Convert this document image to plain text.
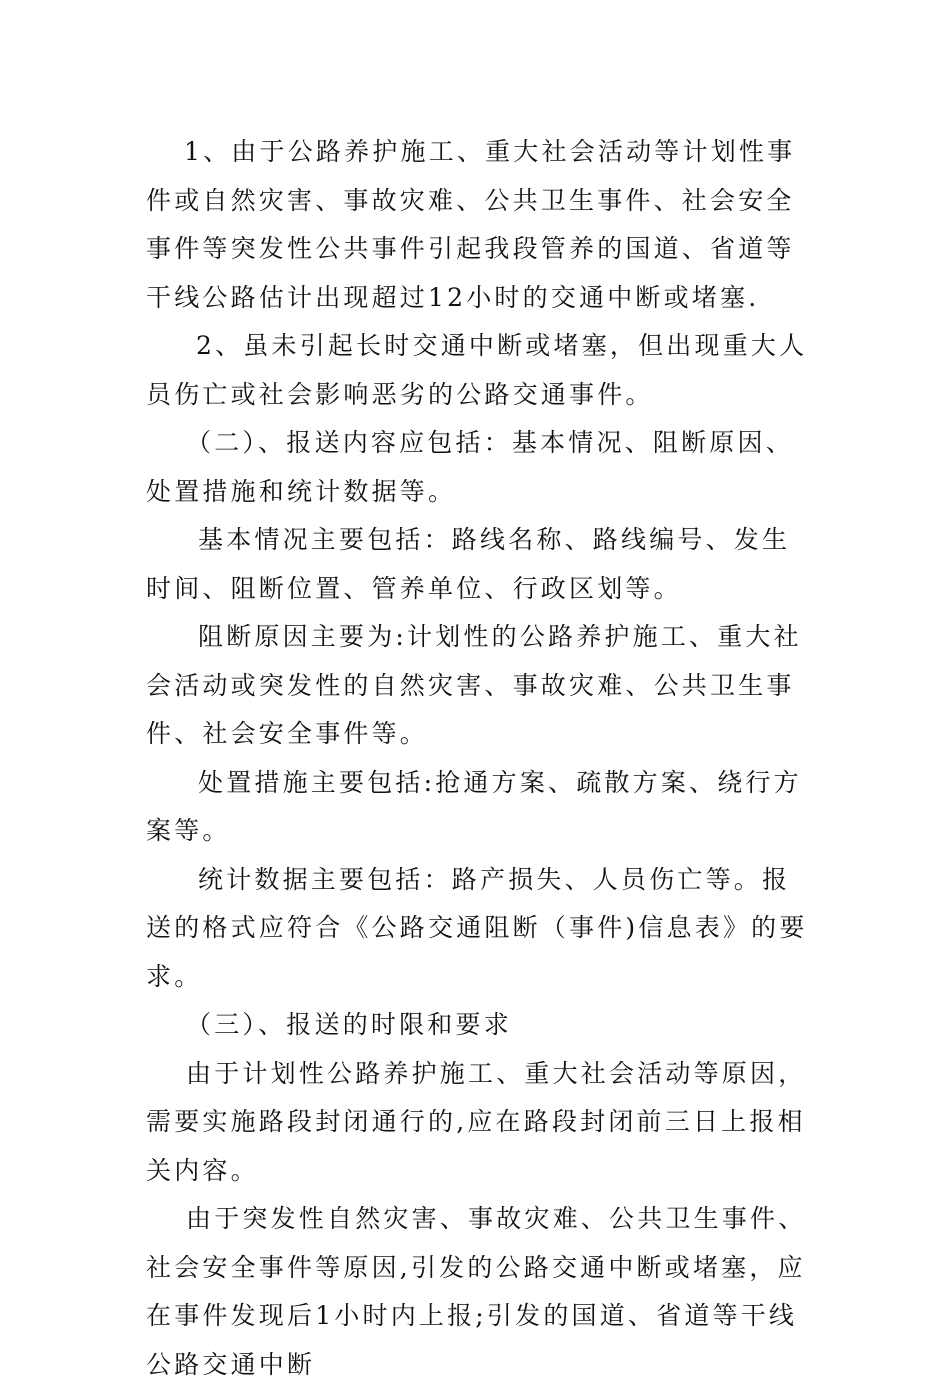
1、由于公路养护施工、重大社会活动等计划性事件或自然灾害、事故灾难、公共卫生事件、社会安全事件等突发性公共事件引起我段管养的国道、省道等干线公路估计出现超过12小时的交通中断或堵塞.

2、虽未引起长时交通中断或堵塞，但出现重大人员伤亡或社会影响恶劣的公路交通事件。

（二）、报送内容应包括：基本情况、阻断原因、处置措施和统计数据等。

基本情况主要包括：路线名称、路线编号、发生时间、阻断位置、管养单位、行政区划等。

阻断原因主要为:计划性的公路养护施工、重大社会活动或突发性的自然灾害、事故灾难、公共卫生事件、社会安全事件等。

处置措施主要包括:抢通方案、疏散方案、绕行方案等。

统计数据主要包括：路产损失、人员伤亡等。报送的格式应符合《公路交通阻断（事件)信息表》的要求。

（三）、报送的时限和要求

由于计划性公路养护施工、重大社会活动等原因，需要实施路段封闭通行的,应在路段封闭前三日上报相关内容。

由于突发性自然灾害、事故灾难、公共卫生事件、社会安全事件等原因,引发的公路交通中断或堵塞，应在事件发现后1小时内上报;引发的国道、省道等干线公路交通中断
